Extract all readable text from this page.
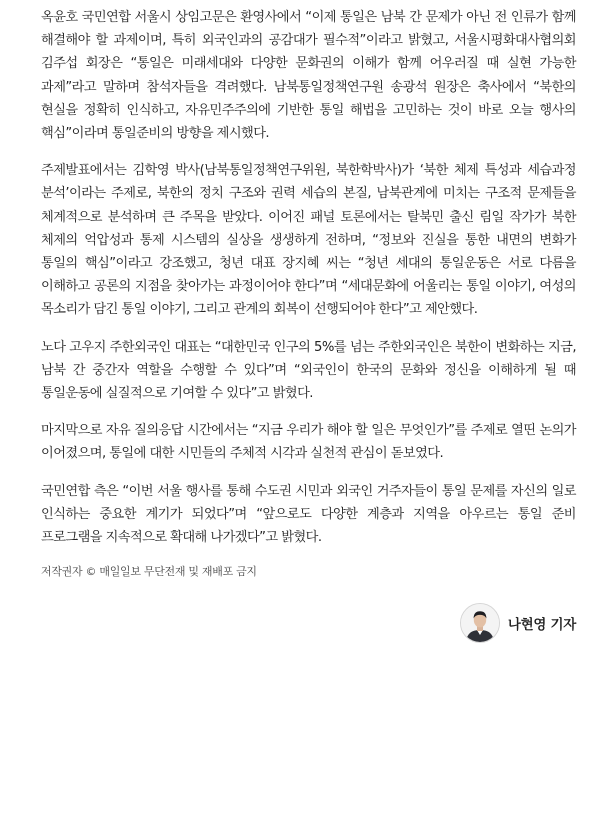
옥윤호 국민연합 서울시 상임고문은 환영사에서 “이제 통일은 남북 간 문제가 아닌 전 인류가 함께 해결해야 할 과제이며, 특히 외국인과의 공감대가 필수적”이라고 밝혔고, 서울시평화대사협의회 김주섭 회장은 “통일은 미래세대와 다양한 문화권의 이해가 함께 어우러질 때 실현 가능한 과제”라고 말하며 참석자들을 격려했다. 남북통일정책연구원 송광석 원장은 축사에서 “북한의 현실을 정확히 인식하고, 자유민주주의에 기반한 통일 해법을 고민하는 것이 바로 오늘 행사의 핵심”이라며 통일준비의 방향을 제시했다.

주제발표에서는 김학영 박사(남북통일정책연구위원, 북한학박사)가 ‘북한 체제 특성과 세습과정 분석’이라는 주제로, 북한의 정치 구조와 권력 세습의 본질, 남북관계에 미치는 구조적 문제들을 체계적으로 분석하며 큰 주목을 받았다. 이어진 패널 토론에서는 탈북민 출신 림일 작가가 북한 체제의 억압성과 통제 시스템의 실상을 생생하게 전하며, “정보와 진실을 통한 내면의 변화가 통일의 핵심”이라고 강조했고, 청년 대표 장지혜 씨는 “청년 세대의 통일운동은 서로 다름을 이해하고 공론의 지점을 찾아가는 과정이어야 한다”며 “세대문화에 어울리는 통일 이야기, 여성의 목소리가 담긴 통일 이야기, 그리고 관계의 회복이 선행되어야 한다”고 제안했다.

노다 고우지 주한외국인 대표는 “대한민국 인구의 5%를 넘는 주한외국인은 북한이 변화하는 지금, 남북 간 중간자 역할을 수행할 수 있다”며 “외국인이 한국의 문화와 정신을 이해하게 될 때 통일운동에 실질적으로 기여할 수 있다”고 밝혔다.

마지막으로 자유 질의응답 시간에서는 “지금 우리가 해야 할 일은 무엇인가”를 주제로 열띤 논의가 이어졌으며, 통일에 대한 시민들의 주체적 시각과 실천적 관심이 돋보였다.

국민연합 측은 “이번 서울 행사를 통해 수도권 시민과 외국인 거주자들이 통일 문제를 자신의 일로 인식하는 중요한 계기가 되었다”며 “앞으로도 다양한 계층과 지역을 아우르는 통일 준비 프로그램을 지속적으로 확대해 나가겠다”고 밝혔다.

저작권자 © 매일일보 무단전재 및 재배포 금지
나현영 기자
